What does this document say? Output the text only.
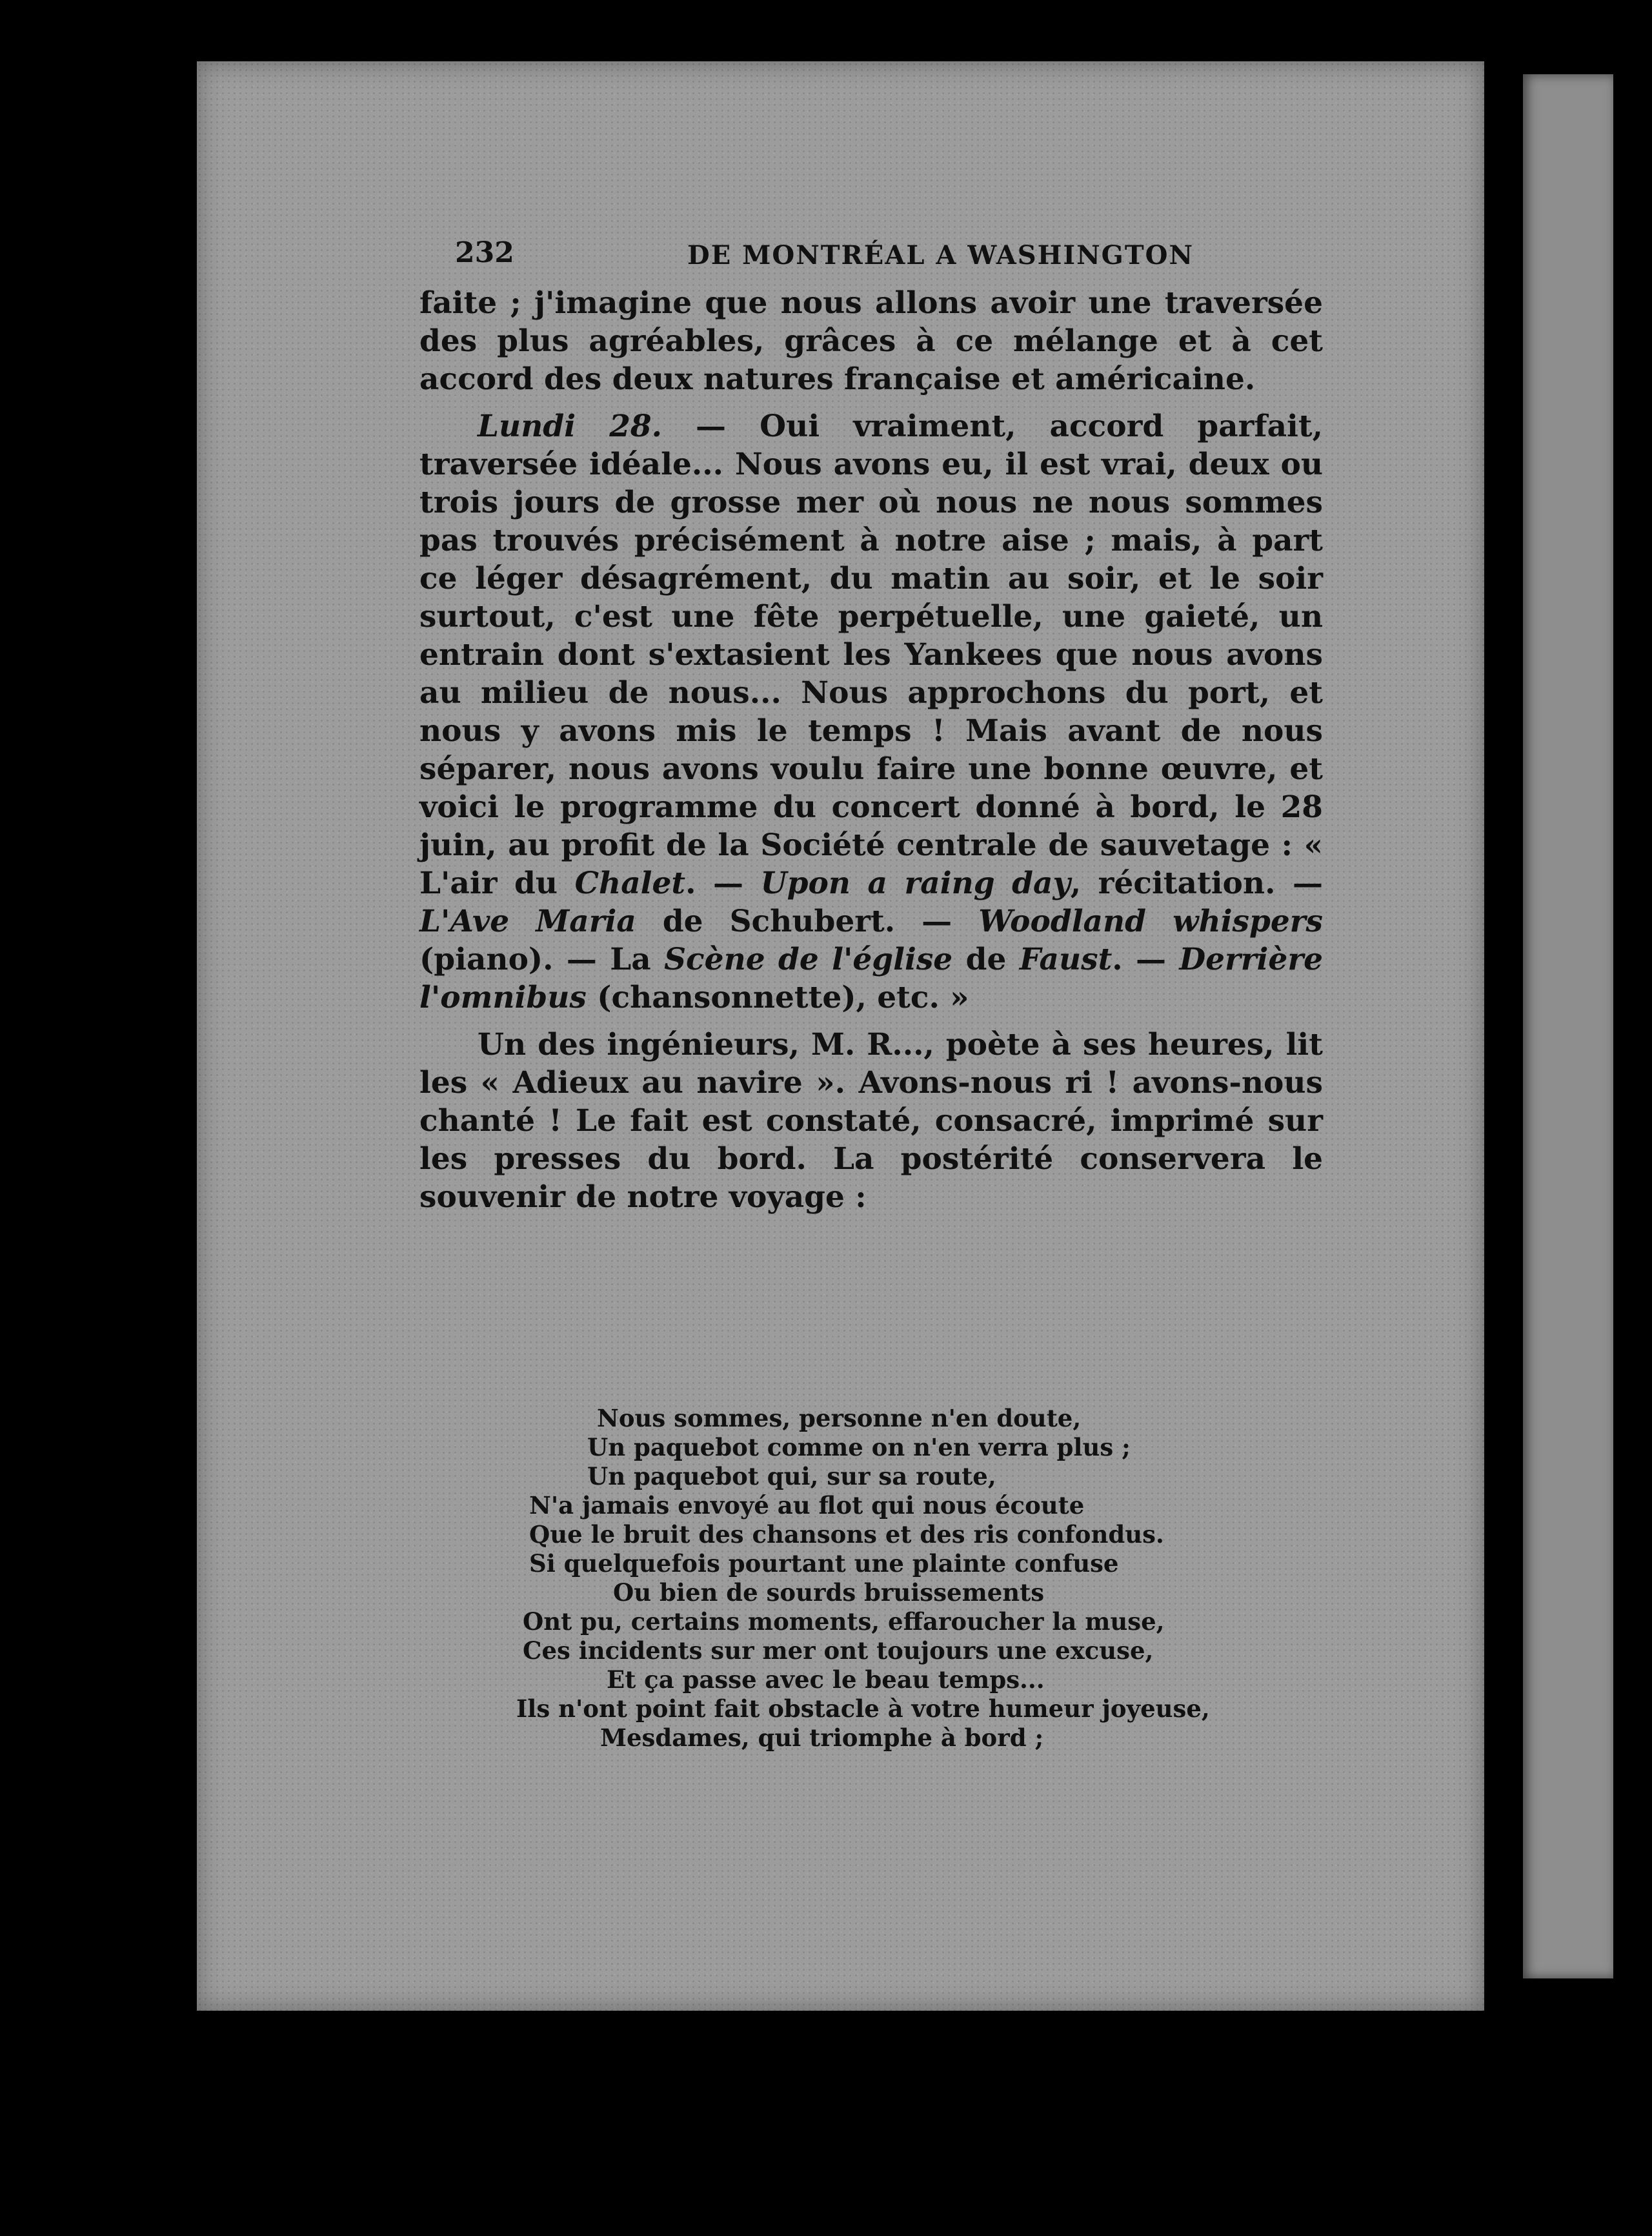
232	DE MONTRÉAL A WASHINGTON

faite ; j'imagine que nous allons avoir une traversée des plus agréables, grâces à ce mélange et à cet accord des deux natures française et américaine.

Lundi 28. — Oui vraiment, accord parfait, traversée idéale... Nous avons eu, il est vrai, deux ou trois jours de grosse mer où nous ne nous sommes pas trouvés précisément à notre aise ; mais, à part ce léger désagrément, du matin au soir, et le soir surtout, c'est une fête perpétuelle, une gaieté, un entrain dont s'extasient les Yankees que nous avons au milieu de nous... Nous approchons du port, et nous y avons mis le temps ! Mais avant de nous séparer, nous avons voulu faire une bonne œuvre, et voici le programme du concert donné à bord, le 28 juin, au profit de la Société centrale de sauvetage : « L'air du Chalet. — Upon a raing day, récitation. — L'Ave Maria de Schubert. — Woodland whispers (piano). — La Scène de l'église de Faust. — Derrière l'omnibus (chansonnette), etc. »

Un des ingénieurs, M. R..., poète à ses heures, lit les « Adieux au navire ». Avons-nous ri ! avons-nous chanté ! Le fait est constaté, consacré, imprimé sur les presses du bord. La postérité conservera le souvenir de notre voyage :

Nous sommes, personne n'en doute,
Un paquebot comme on n'en verra plus ;
Un paquebot qui, sur sa route,
N'a jamais envoyé au flot qui nous écoute
Que le bruit des chansons et des ris confondus.
Si quelquefois pourtant une plainte confuse
Ou bien de sourds bruissements
Ont pu, certains moments, effaroucher la muse,
Ces incidents sur mer ont toujours une excuse,
Et ça passe avec le beau temps...
Ils n'ont point fait obstacle à votre humeur joyeuse,
Mesdames, qui triomphe à bord ;
